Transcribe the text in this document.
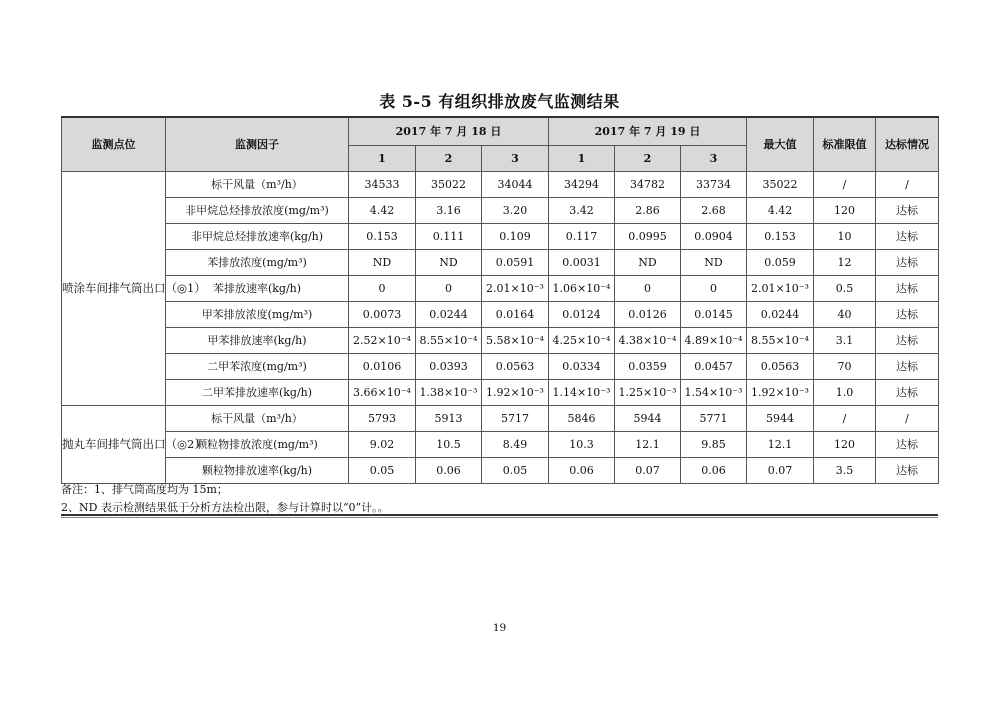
表 5-5 有组织排放废气监测结果
监测点位	监测因子	2017 年 7 月 18 日			2017 年 7 月 19 日			最大值	标准限值	达标情况
		1	2	3	1	2	3			
喷涂车间排气筒出口（◎1）	标干风量（m³/h）	34533	35022	34044	34294	34782	33734	35022	/	/
	非甲烷总烃排放浓度(mg/m³)	4.42	3.16	3.20	3.42	2.86	2.68	4.42	120	达标
	非甲烷总烃排放速率(kg/h)	0.153	0.111	0.109	0.117	0.0995	0.0904	0.153	10	达标
	苯排放浓度(mg/m³)	ND	ND	0.0591	0.0031	ND	ND	0.059	12	达标
	苯排放速率(kg/h)	0	0	2.01×10⁻³	1.06×10⁻⁴	0	0	2.01×10⁻³	0.5	达标
	甲苯排放浓度(mg/m³)	0.0073	0.0244	0.0164	0.0124	0.0126	0.0145	0.0244	40	达标
	甲苯排放速率(kg/h)	2.52×10⁻⁴	8.55×10⁻⁴	5.58×10⁻⁴	4.25×10⁻⁴	4.38×10⁻⁴	4.89×10⁻⁴	8.55×10⁻⁴	3.1	达标
	二甲苯浓度(mg/m³)	0.0106	0.0393	0.0563	0.0334	0.0359	0.0457	0.0563	70	达标
	二甲苯排放速率(kg/h)	3.66×10⁻⁴	1.38×10⁻³	1.92×10⁻³	1.14×10⁻³	1.25×10⁻³	1.54×10⁻³	1.92×10⁻³	1.0	达标
抛丸车间排气筒出口（◎2）	标干风量（m³/h）	5793	5913	5717	5846	5944	5771	5944	/	/
	颗粒物排放浓度(mg/m³)	9.02	10.5	8.49	10.3	12.1	9.85	12.1	120	达标
	颗粒物排放速率(kg/h)	0.05	0.06	0.05	0.06	0.07	0.06	0.07	3.5	达标
备注：1、排气筒高度均为 15m；
2、ND 表示检测结果低于分析方法检出限，参与计算时以“0”计。。
19
